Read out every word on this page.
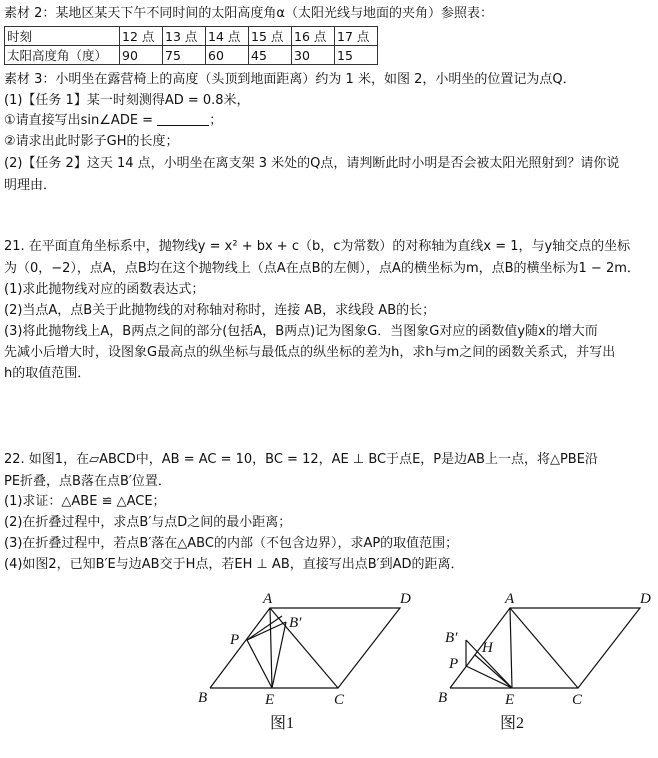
素材 2：某地区某天下午不同时间的太阳高度角α（太阳光线与地面的夹角）参照表：
时刻	12 点	13 点	14 点	15 点	16 点	17 点
太阳高度角（度）	90	75	60	45	30	15
素材 3：小明坐在露营椅上的高度（头顶到地面距离）约为 1 米，如图 2，小明坐的位置记为点Q．
(1)【任务 1】某一时刻测得AD = 0.8米，
①请直接写出sin∠ADE =	；
②请求出此时影子GH的长度；
(2)【任务 2】这天 14 点，小明坐在离支架 3 米处的Q点，请判断此时小明是否会被太阳光照射到？请你说
明理由．
21. 在平面直角坐标系中，抛物线y = x² + bx + c（b，c为常数）的对称轴为直线x = 1，与y轴交点的坐标
为（0，−2），点A，点B均在这个抛物线上（点A在点B的左侧），点A的横坐标为m，点B的横坐标为1 − 2m．
(1)求此抛物线对应的函数表达式；
(2)当点A，点B关于此抛物线的对称轴对称时，连接 AB，求线段 AB的长；
(3)将此抛物线上A，B两点之间的部分(包括A，B两点)记为图象G．当图象G对应的函数值y随x的增大而
先减小后增大时，设图象G最高点的纵坐标与最低点的纵坐标的差为h，求h与m之间的函数关系式，并写出
h的取值范围．
22. 如图1，在▱ABCD中，AB = AC = 10，BC = 12，AE ⊥ BC于点E，P是边AB上一点，将△PBE沿
PE折叠，点B落在点B′位置．
(1)求证：△ABE ≌ △ACE；
(2)在折叠过程中，求点B′与点D之间的最小距离；
(3)在折叠过程中，若点B′落在△ABC的内部（不包含边界），求AP的取值范围；
(4)如图2，已知B′E与边AB交于H点，若EH ⊥ AB，直接写出点B′到AD的距离．
A	D
B	E	C
P
B′
图1
A	D
B	E	C
P
B′
H
图2
